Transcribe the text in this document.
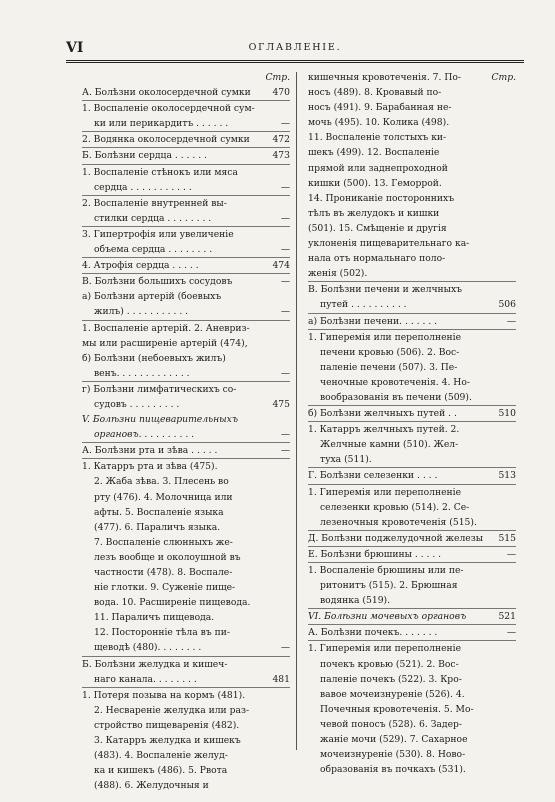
VI	ОГЛАВЛЕНІЕ.
Стр.
А. Болѣзни околосердечной сумки 470
1. Воспаленіе околосердечной сум-
ки или перикардитъ . . . . . .	—
2. Водянка околосердечной сумки 472
Б. Болѣзни сердца . . . . . .	473
1. Воспаленіе стѣнокъ или мяса
сердца . . . . . . . . . . .	—
2. Воспаленіе внутренней вы-
стилки сердца . . . . . . . .	—
3. Гипертрофія или увеличеніе
объема сердца . . . . . . . .	—
4. Атрофія сердца . . . . .	474
В. Болѣзни большихъ сосудовъ	—
а) Болѣзни артерій (боевыхъ
жилъ) . . . . . . . . . . .	—
1. Воспаленіе артерій. 2. Аневриз-
мы или расширеніе артерій (474),
б) Болѣзни (небоевыхъ жилъ)
венъ. . . . . . . . . . . . .	—
г) Болѣзни лимфатическихъ со-
судовъ . . . . . . . . .	475
V. Болѣзни пищеварительныхъ
органовъ. . . . . . . . . .	—
А. Болѣзни рта и зѣва . . . . .	—
1. Катарръ рта и зѣва (475).
2. Жаба зѣва. 3. Плесень во
рту (476). 4. Молочница или
афты. 5. Воспаленіе языка
(477). 6. Параличъ языка.
7. Воспаленіе слюнныхъ же-
лезъ вообще и околоушной въ
частности (478). 8. Воспале-
ніе глотки. 9. Суженіе пище-
вода. 10. Расширеніе пищевода.
11. Параличъ пищевода.
12. Посторонніе тѣла въ пи-
щеводѣ (480). . . . . . . .	—
Б. Болѣзни желудка и кишеч-
наго канала. . . . . . . .	481
1. Потеря позыва на кормъ (481).
2. Несвареніе желудка или раз-
стройство пищеваренія (482).
3. Катарръ желудка и кишекъ
(483). 4. Воспаленіе желуд-
ка и кишекъ (486). 5. Рвота
(488). 6. Желудочныя и
кишечныя кровотеченія. 7. По-	Стр.
носъ (489). 8. Кровавый по-
носъ (491). 9. Барабанная не-
мочь (495). 10. Колика (498).
11. Воспаленіе толстыхъ ки-
шекъ (499). 12. Воспаленіе
прямой или заднепроходной
кишки (500). 13. Геморрой.
14. Прониканіе постороннихъ
тѣлъ въ желудокъ и кишки
(501). 15. Смѣщеніе и другія
уклоненія пищеварительнаго ка-
нала отъ нормальнаго поло-
женія (502).
В. Болѣзни печени и желчныхъ
путей . . . . . . . . . .	506
а) Болѣзни печени. . . . . . .	—
1. Гиперемія или переполненіе
печени кровью (506). 2. Вос-
паленіе печени (507). 3. Пе-
ченочные кровотеченія. 4. Но-
вообразованія въ печени (509).
б) Болѣзни желчныхъ путей . .	510
1. Катарръ желчныхъ путей. 2.
Желчные камни (510). Жел-
туха (511).
Г. Болѣзни селезенки . . . .	513
1. Гиперемія или переполненіе
селезенки кровью (514). 2. Се-
лезеночныя кровотеченія (515).
Д. Болѣзни поджелудочной железы 515
Е. Болѣзни брюшины . . . . .	—
1. Воспаленіе брюшины или пе-
ритонитъ (515). 2. Брюшная
водянка (519).
VI. Болѣзни мочевыхъ органовъ	521
А. Болѣзни почекъ. . . . . . .	—
1. Гиперемія или переполненіе
почекъ кровью (521). 2. Вос-
паленіе почекъ (522). 3. Кро-
вавое мочеизнуреніе (526). 4.
Почечныя кровотеченія. 5. Мо-
чевой поносъ (528). 6. Задер-
жаніе мочи (529). 7. Сахарное
мочеизнуреніе (530). 8. Ново-
образованія въ почкахъ (531).
